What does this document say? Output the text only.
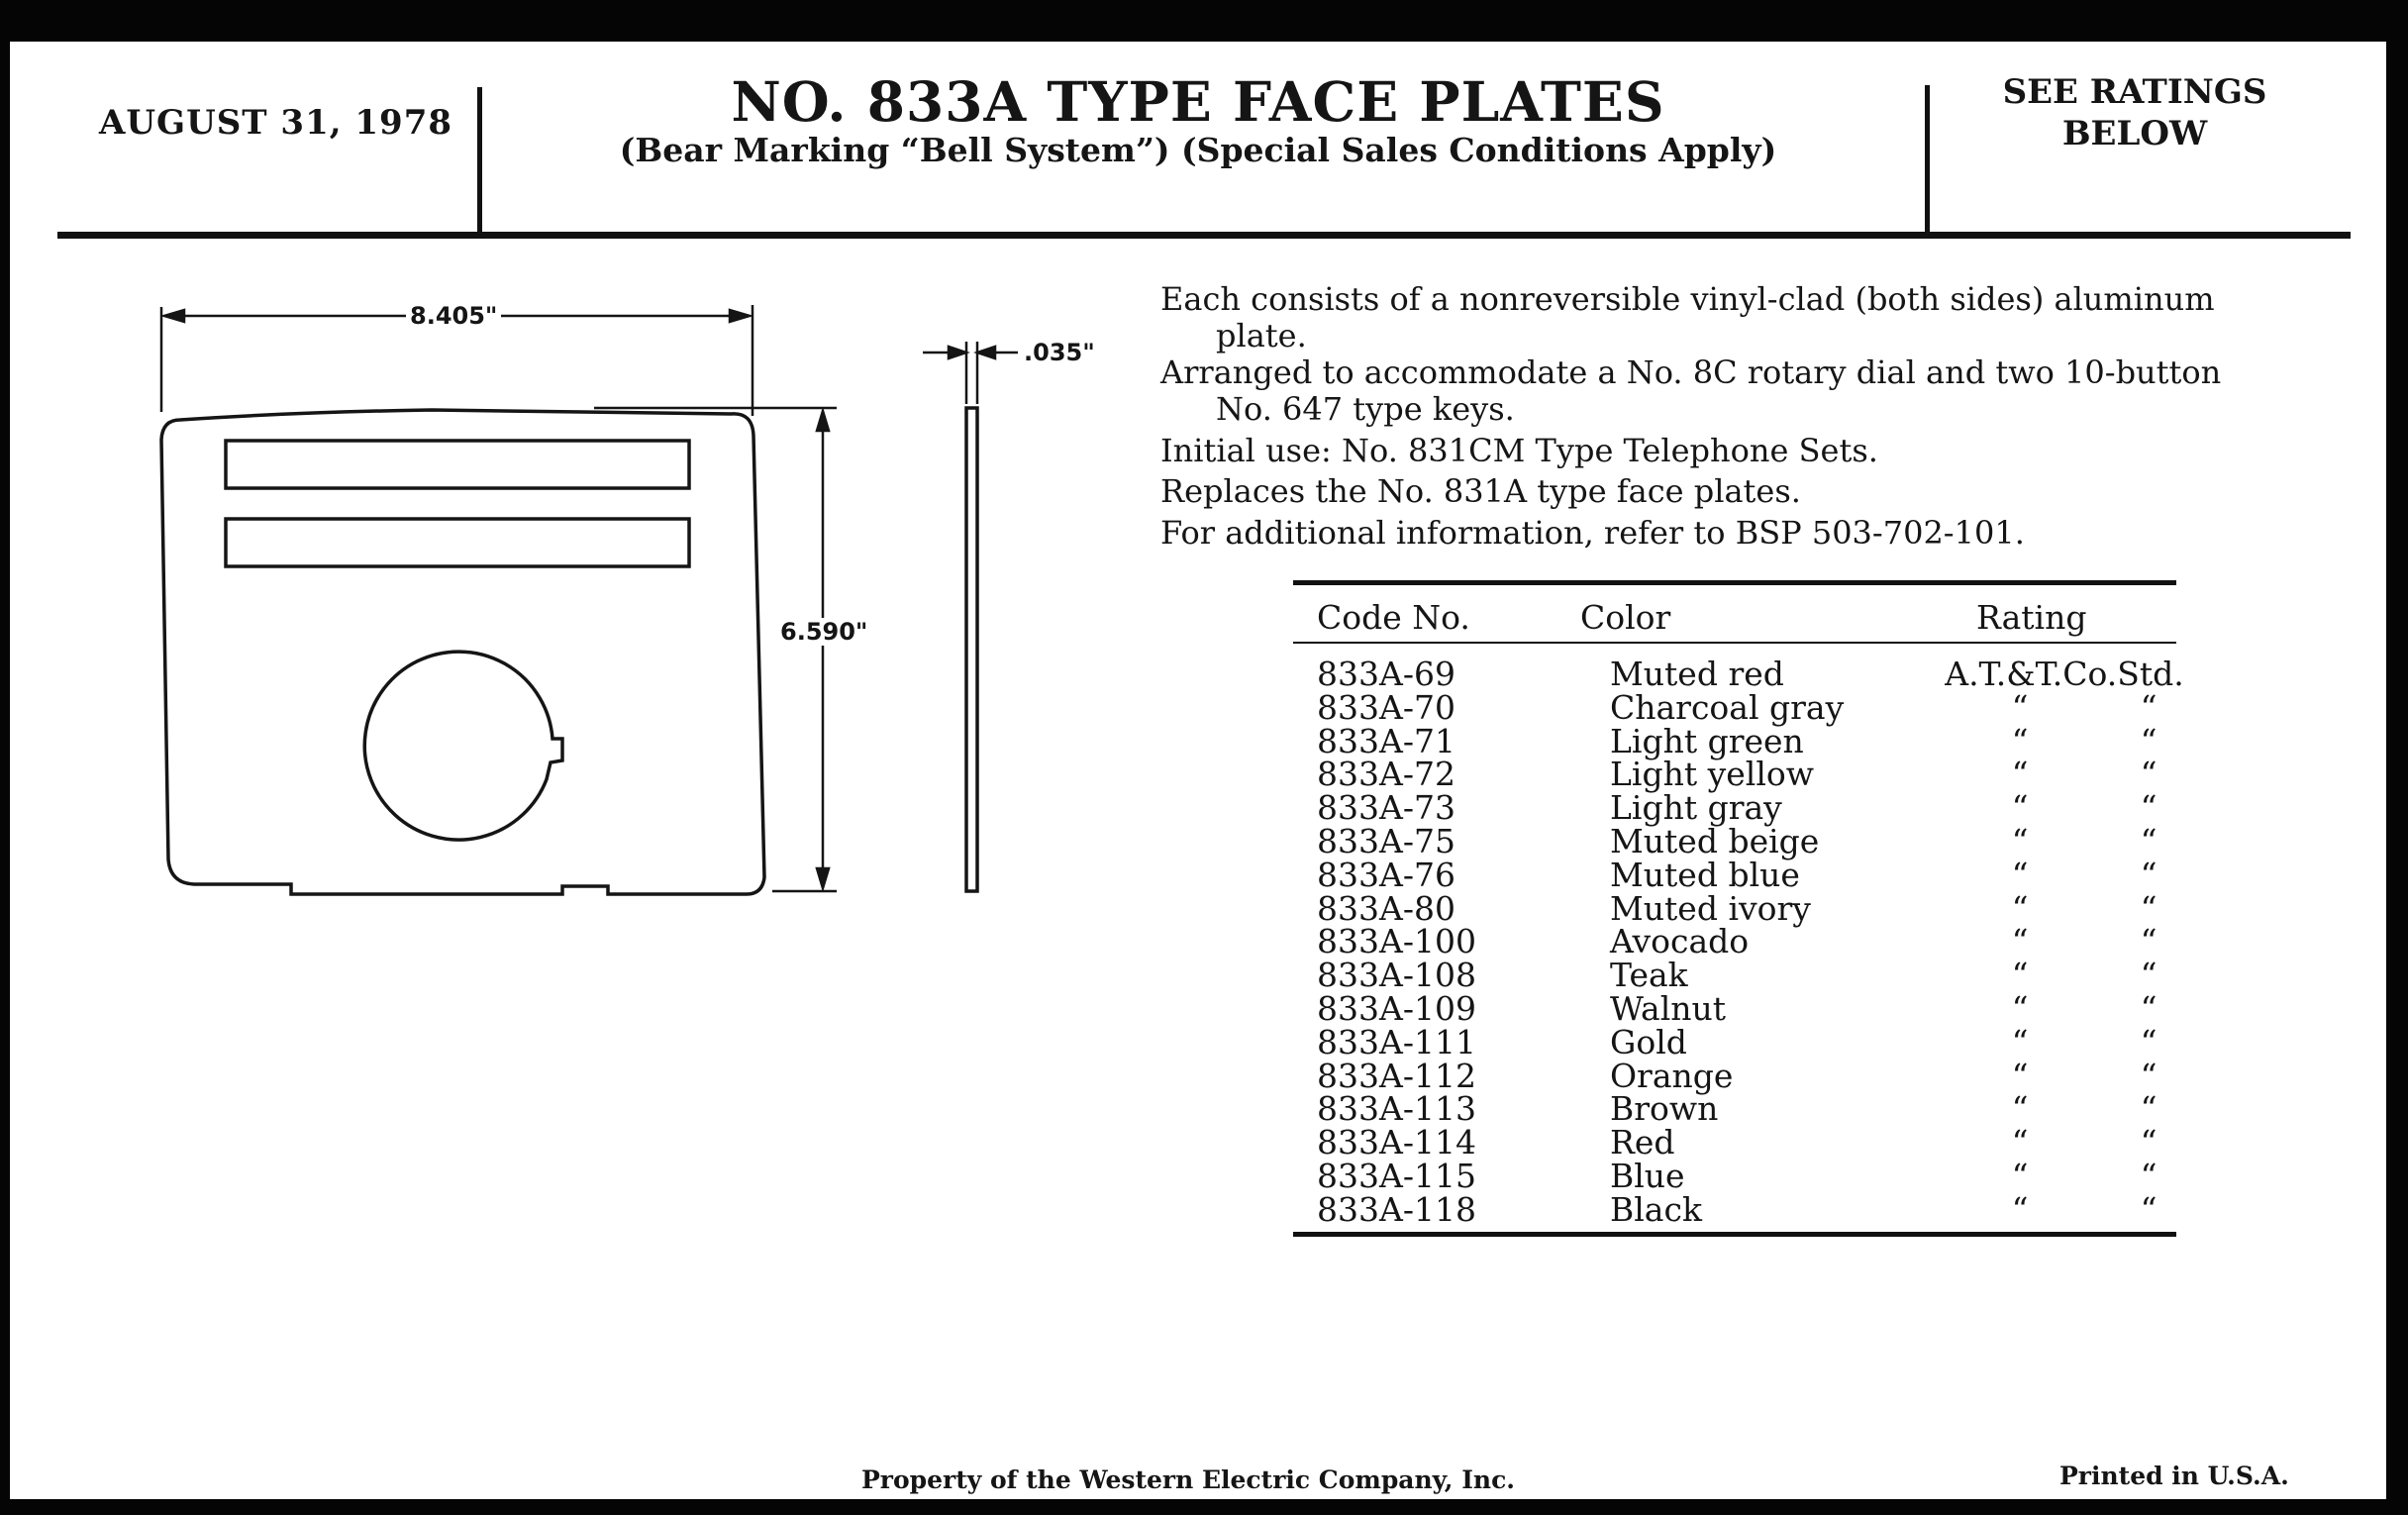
AUGUST 31, 1978	NO. 833A TYPE FACE PLATES
(Bear Marking “Bell System”) (Special Sales Conditions Apply)
SEE RATINGS
BELOW
8.405"
6.590"
.035"
Each consists of a nonreversible vinyl-clad (both sides) aluminum
plate.
Arranged to accommodate a No. 8C rotary dial and two 10-button
No. 647 type keys.
Initial use: No. 831CM Type Telephone Sets.
Replaces the No. 831A type face plates.
For additional information, refer to BSP 503-702-101.
Code No.	Color	Rating
833A-69	Muted red	A.T.&T.Co.Std.
833A-70	Charcoal gray	“	“
833A-71	Light green	“	“
833A-72	Light yellow	“	“
833A-73	Light gray	“	“
833A-75	Muted beige	“	“
833A-76	Muted blue	“	“
833A-80	Muted ivory	“	“
833A-100	Avocado	“	“
833A-108	Teak	“	“
833A-109	Walnut	“	“
833A-111	Gold	“	“
833A-112	Orange	“	“
833A-113	Brown	“	“
833A-114	Red	“	“
833A-115	Blue	“	“
833A-118	Black	“	“
Property of the Western Electric Company, Inc.	Printed in U.S.A.
